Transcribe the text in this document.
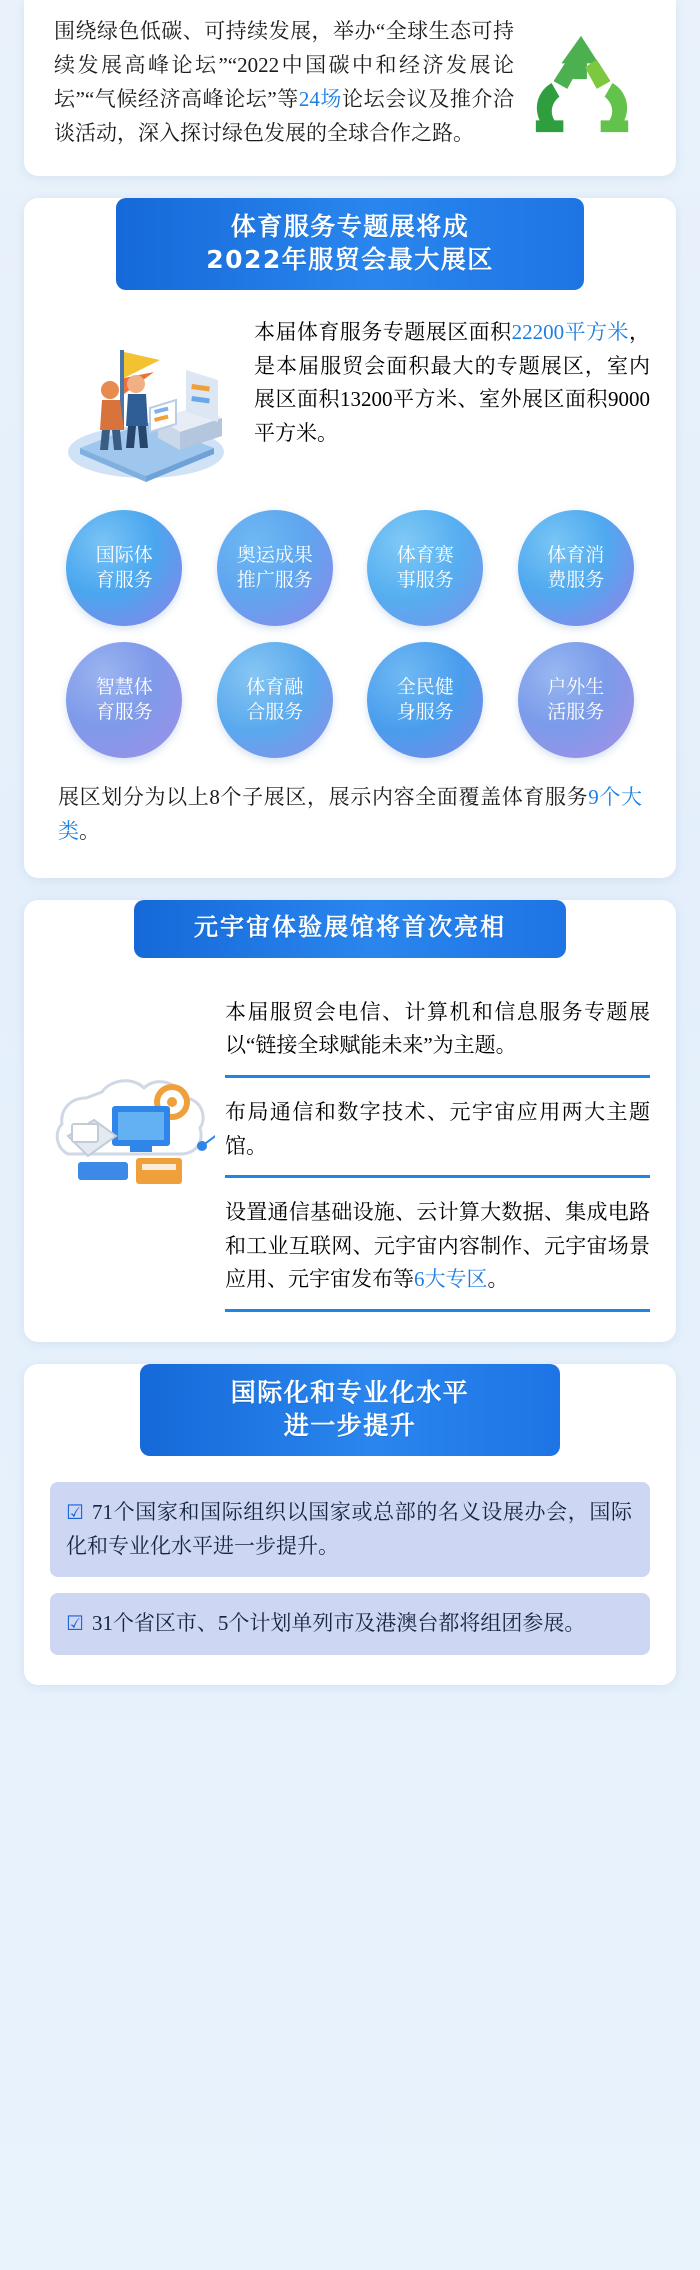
围绕绿色低碳、可持续发展，举办“全球生态可持续发展高峰论坛”“2022中国碳中和经济发展论坛”“气候经济高峰论坛”等24场论坛会议及推介洽谈活动，深入探讨绿色发展的全球合作之路。

体育服务专题展将成
2022年服贸会最大展区
本届体育服务专题展区面积22200平方米，是本届服贸会面积最大的专题展区，室内展区面积13200平方米、室外展区面积9000平方米。
国际体
育服务
奥运成果
推广服务
体育赛
事服务
体育消
费服务
智慧体
育服务
体育融
合服务
全民健
身服务
户外生
活服务

展区划分为以上8个子展区，展示内容全面覆盖体育服务9个大类。

元宇宙体验展馆将首次亮相
本届服贸会电信、计算机和信息服务专题展以“链接全球赋能未来”为主题。
布局通信和数字技术、元宇宙应用两大主题馆。
设置通信基础设施、云计算大数据、集成电路和工业互联网、元宇宙内容制作、元宇宙场景应用、元宇宙发布等6大专区。
国际化和专业化水平
进一步提升
☑ 71个国家和国际组织以国家或总部的名义设展办会，国际化和专业化水平进一步提升。
☑ 31个省区市、5个计划单列市及港澳台都将组团参展。
